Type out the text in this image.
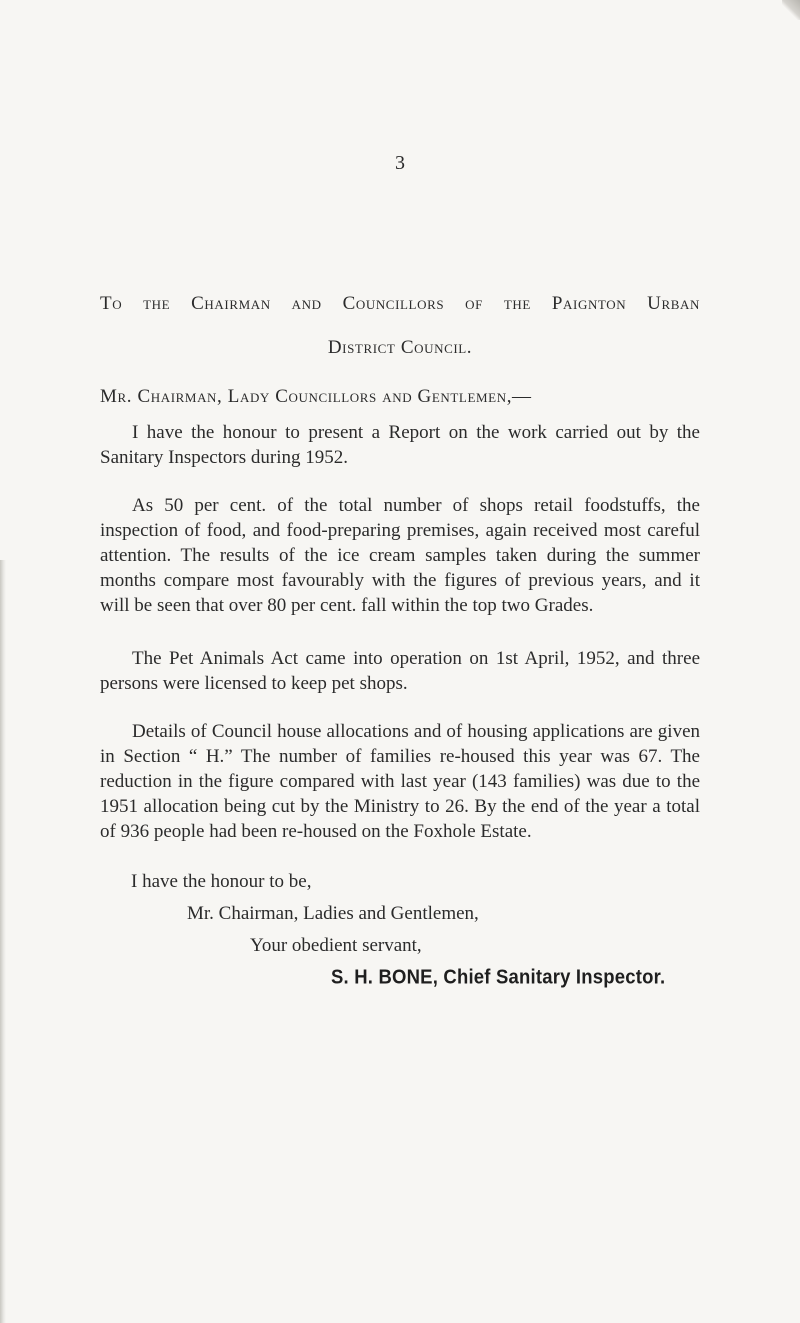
3
To the Chairman and Councillors of the Paignton Urban
District Council.
Mr. Chairman, Lady Councillors and Gentlemen,—

I have the honour to present a Report on the work carried out by the Sanitary Inspectors during 1952.

As 50 per cent. of the total number of shops retail foodstuffs, the inspection of food, and food-preparing premises, again received most careful attention. The results of the ice cream samples taken during the summer months compare most favourably with the figures of previous years, and it will be seen that over 80 per cent. fall within the top two Grades.

The Pet Animals Act came into operation on 1st April, 1952, and three persons were licensed to keep pet shops.

Details of Council house allocations and of housing applications are given in Section “ H.” The number of families re-housed this year was 67. The reduction in the figure compared with last year (143 families) was due to the 1951 allocation being cut by the Ministry to 26. By the end of the year a total of 936 people had been re-housed on the Foxhole Estate.

I have the honour to be,
Mr. Chairman, Ladies and Gentlemen,
Your obedient servant,
S. H. BONE, Chief Sanitary Inspector.
